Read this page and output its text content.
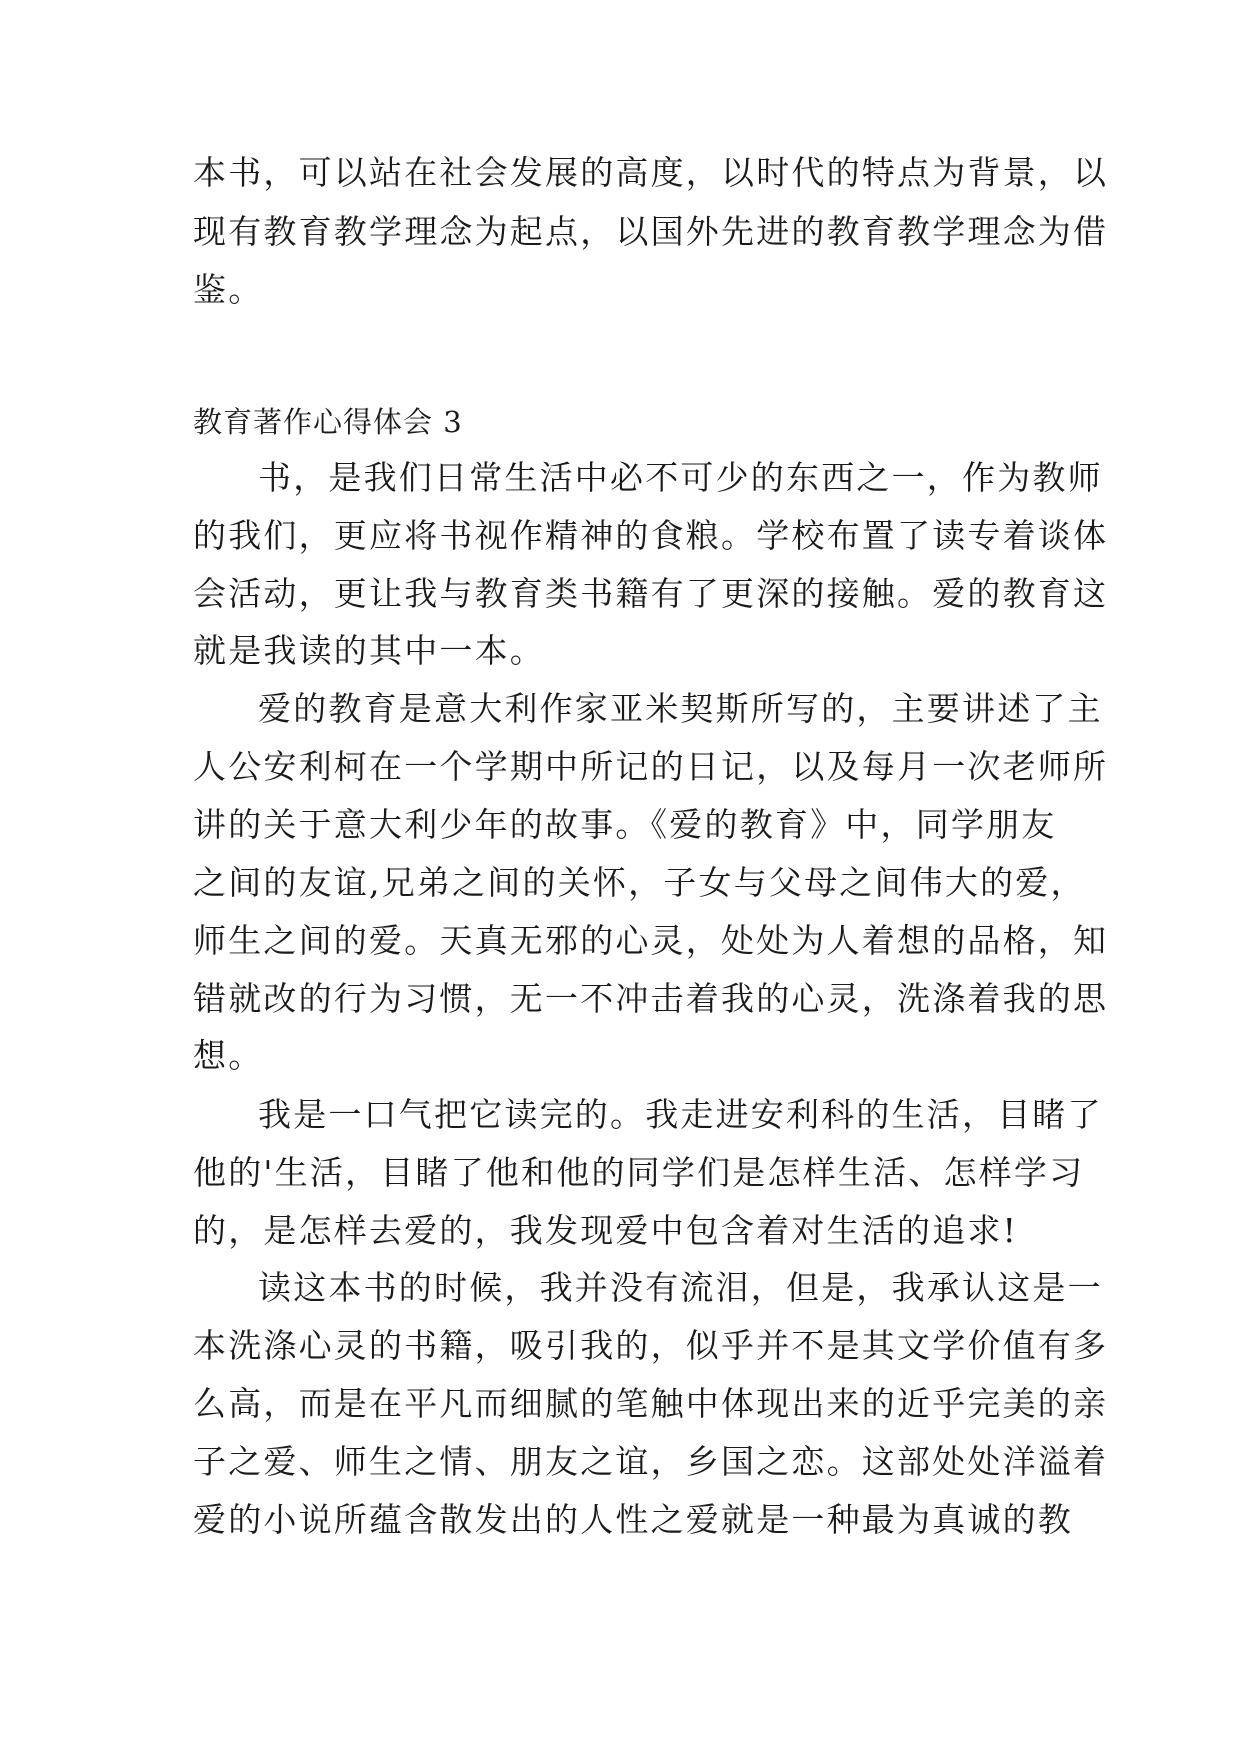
本书，可以站在社会发展的高度，以时代的特点为背景，以
现有教育教学理念为起点，以国外先进的教育教学理念为借
鉴。
教育著作心得体会 3
书，是我们日常生活中必不可少的东西之一，作为教师
的我们，更应将书视作精神的食粮。学校布置了读专着谈体
会活动，更让我与教育类书籍有了更深的接触。爱的教育这
就是我读的其中一本。
爱的教育是意大利作家亚米契斯所写的，主要讲述了主
人公安利柯在一个学期中所记的日记，以及每月一次老师所
讲的关于意大利少年的故事。《爱的教育》中，同学朋友
之间的友谊,兄弟之间的关怀，子女与父母之间伟大的爱，
师生之间的爱。天真无邪的心灵，处处为人着想的品格，知
错就改的行为习惯，无一不冲击着我的心灵，洗涤着我的思
想。
我是一口气把它读完的。我走进安利科的生活，目睹了
他的'生活，目睹了他和他的同学们是怎样生活、怎样学习
的，是怎样去爱的，我发现爱中包含着对生活的追求!
读这本书的时候，我并没有流泪，但是，我承认这是一
本洗涤心灵的书籍，吸引我的，似乎并不是其文学价值有多
么高，而是在平凡而细腻的笔触中体现出来的近乎完美的亲
子之爱、师生之情、朋友之谊，乡国之恋。这部处处洋溢着
爱的小说所蕴含散发出的人性之爱就是一种最为真诚的教
